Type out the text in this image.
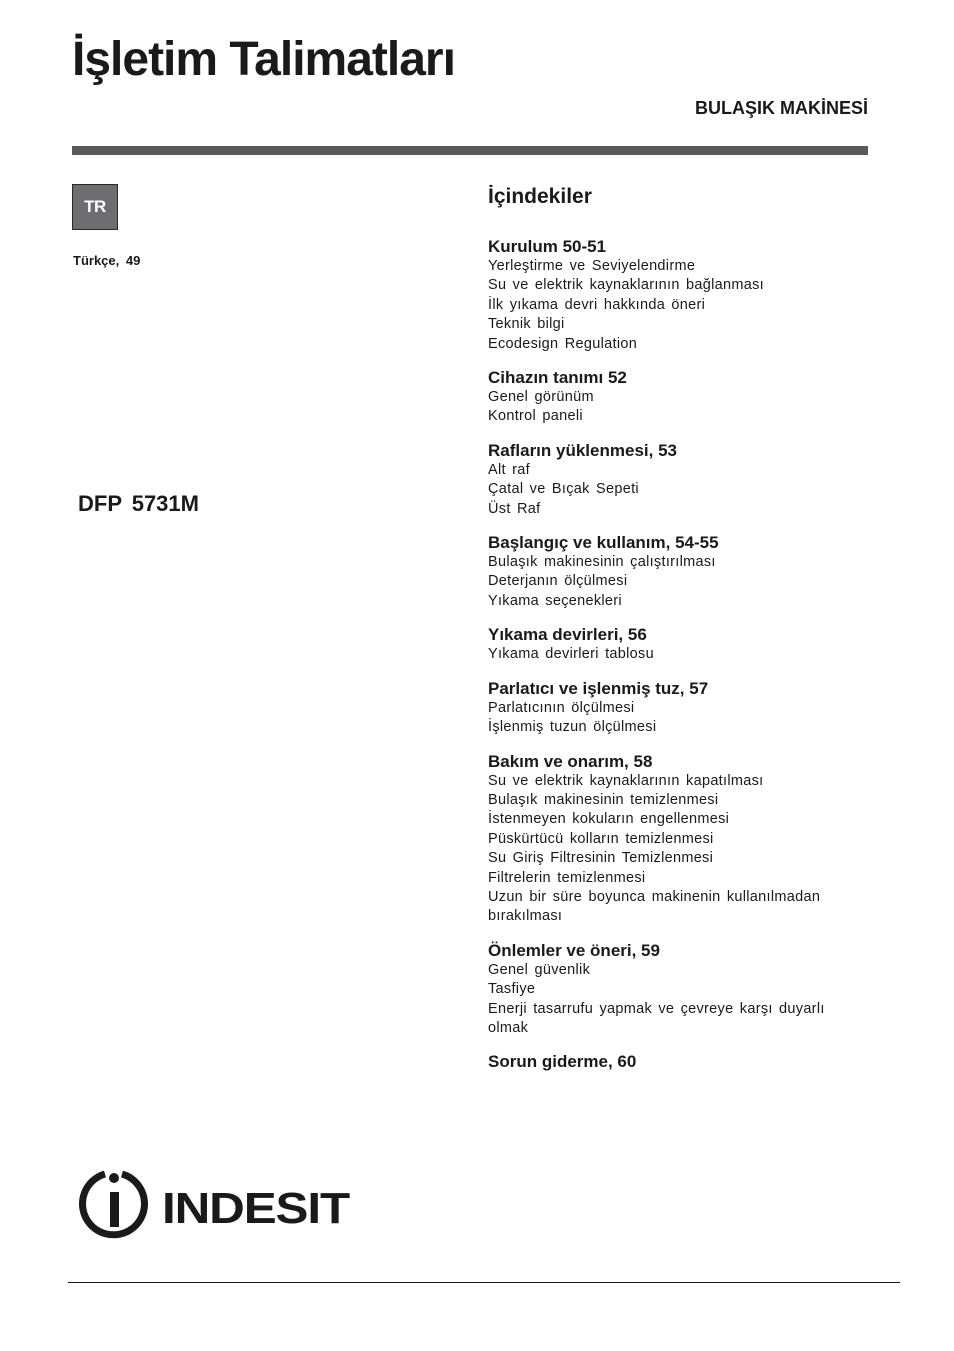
İşletim Talimatları
BULAŞIK MAKİNESİ
TR
Türkçe, 49
DFP 5731M
İçindekiler
Kurulum 50-51
Yerleştirme ve Seviyelendirme
Su ve elektrik kaynaklarının bağlanması
İlk yıkama devri hakkında öneri
Teknik bilgi
Ecodesign Regulation
Cihazın tanımı 52
Genel görünüm
Kontrol paneli
Rafların yüklenmesi, 53
Alt raf
Çatal ve Bıçak Sepeti
Üst Raf
Başlangıç ve kullanım, 54-55
Bulaşık makinesinin çalıştırılması
Deterjanın ölçülmesi
Yıkama seçenekleri
Yıkama devirleri, 56
Yıkama devirleri tablosu
Parlatıcı ve işlenmiş tuz, 57
Parlatıcının ölçülmesi
İşlenmiş tuzun ölçülmesi
Bakım ve onarım, 58
Su ve elektrik kaynaklarının kapatılması
Bulaşık makinesinin temizlenmesi
İstenmeyen kokuların engellenmesi
Püskürtücü kolların temizlenmesi
Su Giriş Filtresinin Temizlenmesi
Filtrelerin temizlenmesi
Uzun bir süre boyunca makinenin kullanılmadan bırakılması
Önlemler ve öneri, 59
Genel güvenlik
Tasfiye
Enerji tasarrufu yapmak ve çevreye karşı duyarlı olmak
Sorun giderme, 60
INDESIT
